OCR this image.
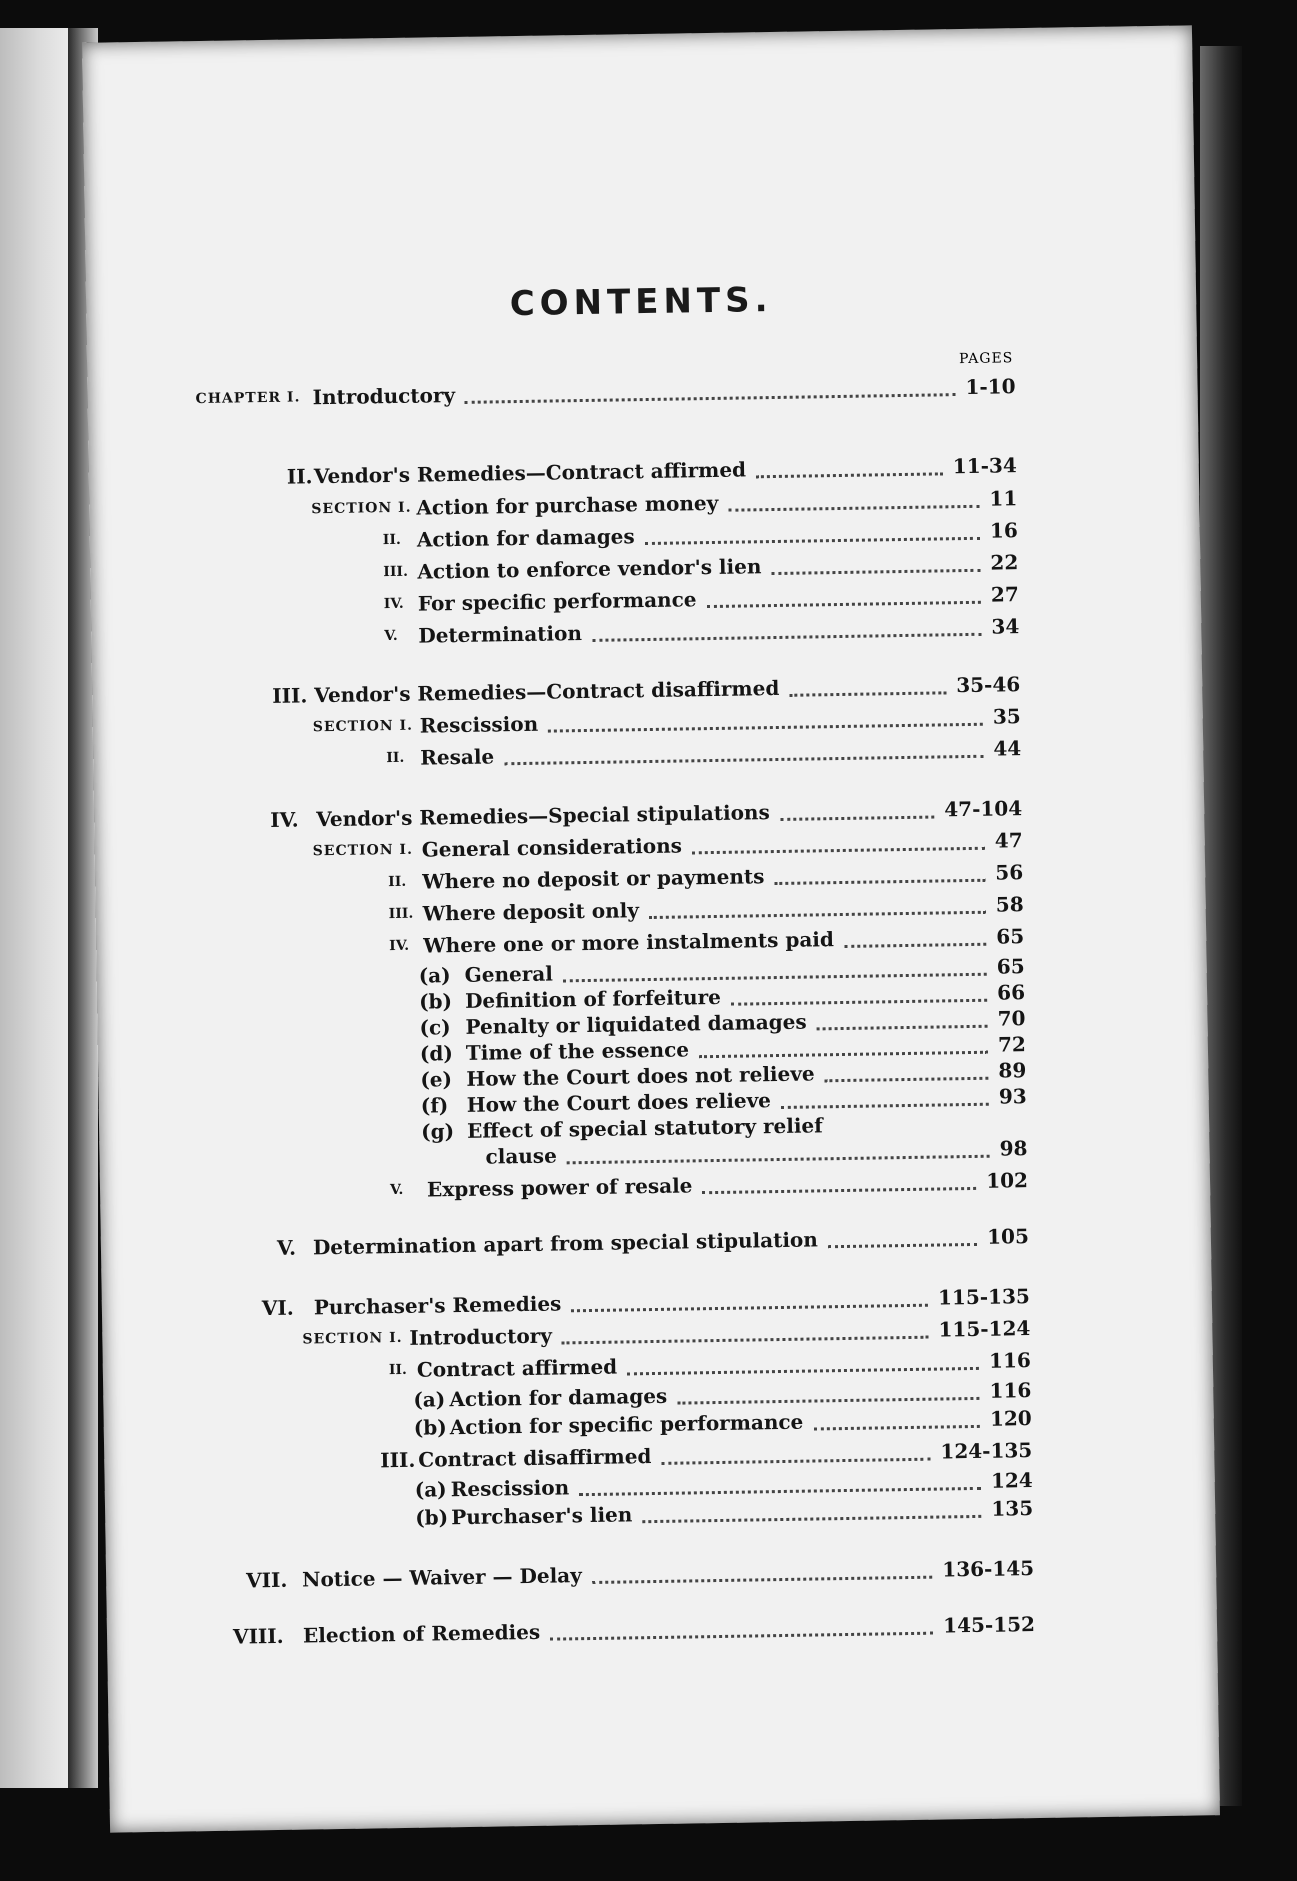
CONTENTS.
PAGES
CHAPTER I. Introductory	1-10
II. Vendor's Remedies—Contract affirmed	11-34
SECTION I. Action for purchase money	11
II. Action for damages	16
III. Action to enforce vendor's lien	22
IV. For specific performance	27
V. Determination	34
III. Vendor's Remedies—Contract disaffirmed	35-46
SECTION I. Rescission	35
II. Resale	44
IV. Vendor's Remedies—Special stipulations	47-104
SECTION I. General considerations	47
II. Where no deposit or payments	56
III. Where deposit only	58
IV. Where one or more instalments paid	65
(a) General	65
(b) Definition of forfeiture	66
(c) Penalty or liquidated damages	70
(d) Time of the essence	72
(e) How the Court does not relieve	89
(f) How the Court does relieve	93
(g) Effect of special statutory relief
clause	98
V. Express power of resale	102
V. Determination apart from special stipulation	105
VI. Purchaser's Remedies	115-135
SECTION I. Introductory	115-124
II. Contract affirmed	116
(a) Action for damages	116
(b) Action for specific performance	120
III. Contract disaffirmed	124-135
(a) Rescission	124
(b) Purchaser's lien	135
VII. Notice — Waiver — Delay	136-145
VIII. Election of Remedies	145-152
